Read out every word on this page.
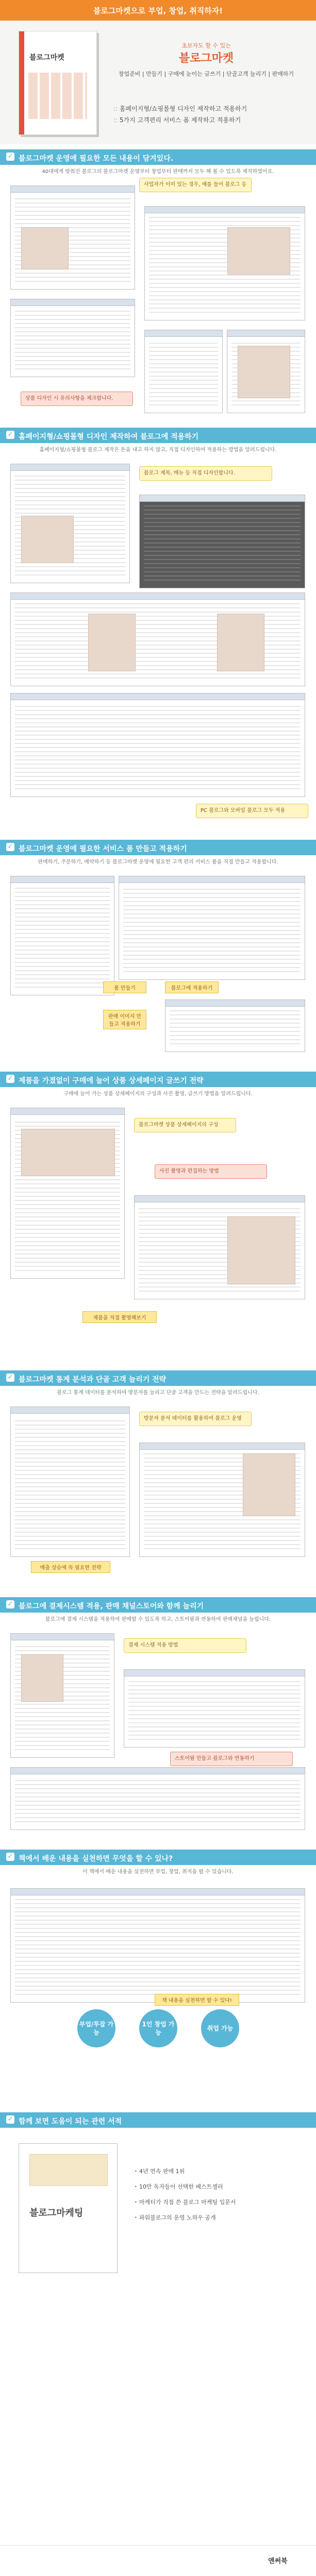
블로그마켓으로 부업, 창업, 취직하자!
블로그마켓
초보자도 할 수 있는
블로그마켓
창업준비 | 만들기 | 구매에 눈이는 글쓰기 | 단골고객 늘리기 | 판매하기
:: 홈페이지형/쇼핑몰형 디자인 제작하고 적용하기
:: 5가지 고객편리 서비스 폼 제작하고 적용하기
✓ 블로그마켓 운영에 필요한 모든 내용이 담겨있다.
40대에게 맞춰진 블로그의 블로그마켓 운영부터 창업부터 판매까지 모두 해 볼 수 있도록 제작하였어요.
사업자가 이미 있는 경우, 예를 들어 블로그 등
상품 디자인 시 유의사항을 체크합니다.
✓ 홈페이지형/쇼핑몰형 디자인 제작하여 블로그에 적용하기
홈페이지형/쇼핑몰형 블로그 제작은 돈을 내고 하지 않고, 직접 디자인하여 적용하는 방법을 알려드립니다.
블로그 제목, 메뉴 등 직접 디자인합니다.
PC 블로그와 모바일 블로그 모두 적용
✓ 블로그마켓 운영에 필요한 서비스 폼 만들고 적용하기
판매하기, 주문하기, 예약하기 등 블로그마켓 운영에 필요한 고객 편의 서비스 폼을 직접 만들고 적용합니다.
폼 만들기	블로그에 적용하기
판매 이미지 만들고 적용하기
✓ 제품을 가졌없이 구매에 늘어 상품 상세페이지 글쓰기 전략
구매에 늘어 가는 상품 상세페이지의 구성과 사진 촬영, 글쓰기 방법을 알려드립니다.
블로그마켓 상품 상세페이지의 구성
사진 촬영과 편집하는 방법
제품을 직접 촬영해보기
✓ 블로그마켓 통계 분석과 단골 고객 늘리기 전략
블로그 통계 데이터를 분석하여 방문자를 늘리고 단골 고객을 만드는 전략을 알려드립니다.
방문자 분석 데이터를 활용하여 블로그 운영
매출 상승에 꼭 필요한 전략
✓ 블로그에 결제시스템 적용, 판매 채널스토어와 함께 늘리기
블로그에 결제 시스템을 적용하여 판매할 수 있도록 하고, 스토어팜과 연동하여 판매채널을 늘립니다.
결제 시스템 적용 방법
스토어팜 만들고 블로그와 연동하기
✓ 책에서 배운 내용을 실천하면 무엇을 할 수 있나?
이 책에서 배운 내용을 실천하면 부업, 창업, 취직을 할 수 있습니다.
부업/투잡 가능
1인 창업 가능
취업 가능
책 내용을 실천하면 할 수 있다!
✓ 함께 보면 도움이 되는 관련 서적
블로그마케팅
• 4년 연속 판매 1위
• 10만 독자들이 선택한 베스트셀러
• 마케터가 직접 쓴 블로그 마케팅 입문서
• 파워블로그의 운영 노하우 공개
앤써북
